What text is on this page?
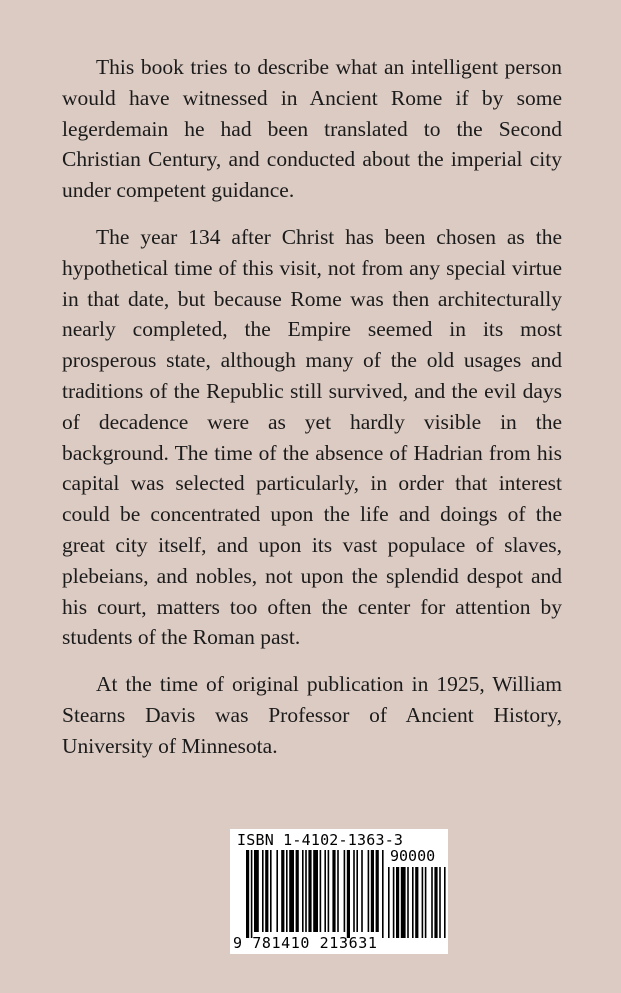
This book tries to describe what an intelligent person would have witnessed in Ancient Rome if by some legerdemain he had been translated to the Second Christian Century, and conducted about the imperial city under competent guidance.

The year 134 after Christ has been chosen as the hypothetical time of this visit, not from any special virtue in that date, but because Rome was then architecturally nearly completed, the Empire seemed in its most prosperous state, although many of the old usages and traditions of the Republic still survived, and the evil days of decadence were as yet hardly visible in the background. The time of the absence of Hadrian from his capital was selected particularly, in order that interest could be concentrated upon the life and doings of the great city itself, and upon its vast populace of slaves, plebeians, and nobles, not upon the splendid despot and his court, matters too often the center for attention by students of the Roman past.

At the time of original publication in 1925, William Stearns Davis was Professor of Ancient History, University of Minnesota.

ISBN 1-4102-1363-3
90000
9 781410 213631
